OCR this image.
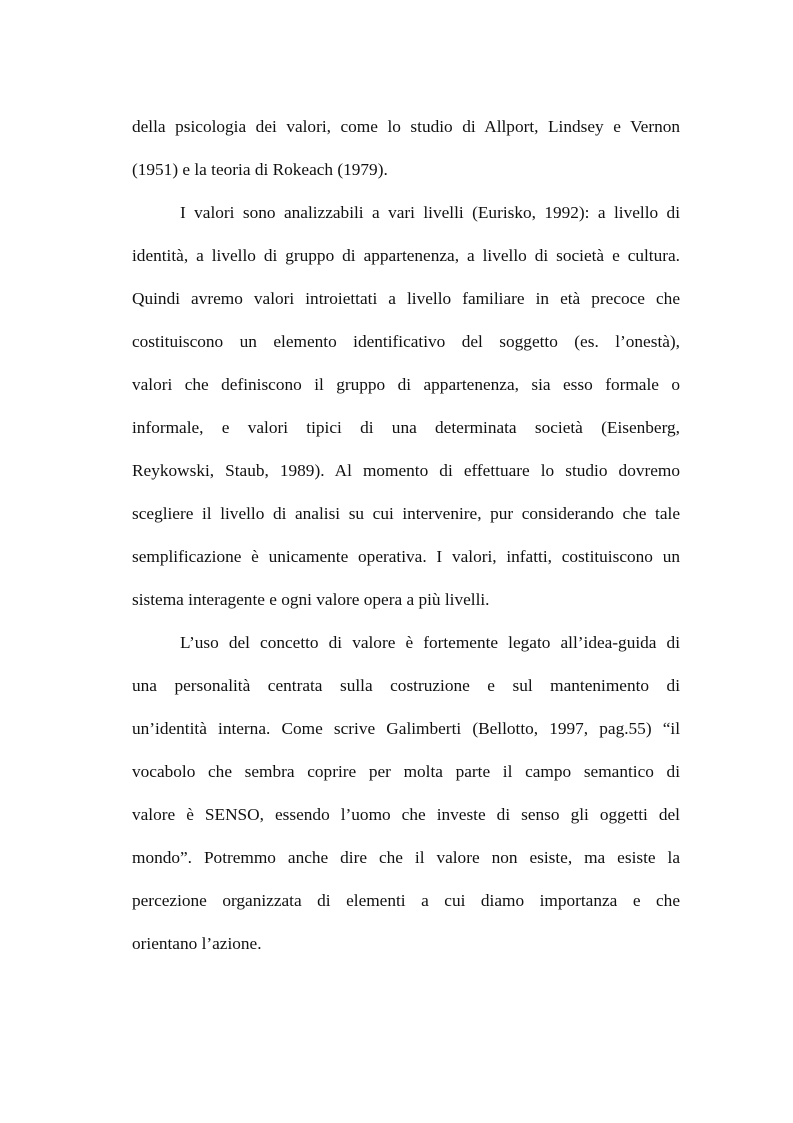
della psicologia dei valori, come lo studio di Allport, Lindsey e Vernon
(1951) e la teoria di Rokeach (1979).
I valori sono analizzabili a vari livelli (Eurisko, 1992): a livello di
identità, a livello di gruppo di appartenenza, a livello di società e cultura.
Quindi avremo valori introiettati a livello familiare in età precoce che
costituiscono un elemento identificativo del soggetto (es. l’onestà),
valori che definiscono il gruppo di appartenenza, sia esso formale o
informale, e valori tipici di una determinata società (Eisenberg,
Reykowski, Staub, 1989). Al momento di effettuare lo studio dovremo
scegliere il livello di analisi su cui intervenire, pur considerando che tale
semplificazione è unicamente operativa. I valori, infatti, costituiscono un
sistema interagente e ogni valore opera a più livelli.
L’uso del concetto di valore è fortemente legato all’idea-guida di
una personalità centrata sulla costruzione e sul mantenimento di
un’identità interna. Come scrive Galimberti (Bellotto, 1997, pag.55) “il
vocabolo che sembra coprire per molta parte il campo semantico di
valore è SENSO, essendo l’uomo che investe di senso gli oggetti del
mondo”. Potremmo anche dire che il valore non esiste, ma esiste la
percezione organizzata di elementi a cui diamo importanza e che
orientano l’azione.
